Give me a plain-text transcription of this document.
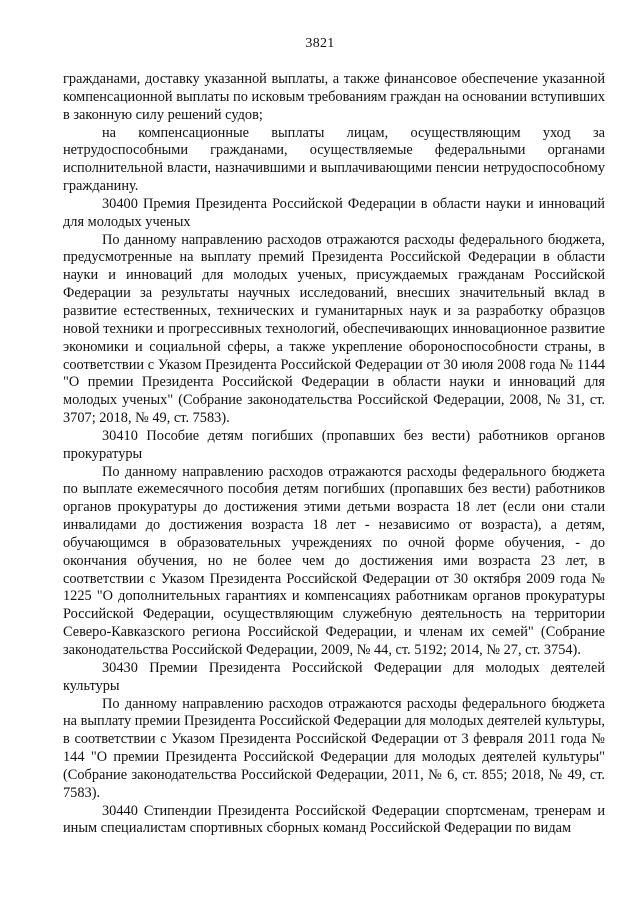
3821

гражданами, доставку указанной выплаты, а также финансовое обеспечение указанной компенсационной выплаты по исковым требованиям граждан на основании вступивших в законную силу решений судов;

на компенсационные выплаты лицам, осуществляющим уход за нетрудоспособными гражданами, осуществляемые федеральными органами исполнительной власти, назначившими и выплачивающими пенсии нетрудоспособному гражданину.

30400 Премия Президента Российской Федерации в области науки и инноваций для молодых ученых

По данному направлению расходов отражаются расходы федерального бюджета, предусмотренные на выплату премий Президента Российской Федерации в области науки и инноваций для молодых ученых, присуждаемых гражданам Российской Федерации за результаты научных исследований, внесших значительный вклад в развитие естественных, технических и гуманитарных наук и за разработку образцов новой техники и прогрессивных технологий, обеспечивающих инновационное развитие экономики и социальной сферы, а также укрепление обороноспособности страны, в соответствии с Указом Президента Российской Федерации от 30 июля 2008 года № 1144 "О премии Президента Российской Федерации в области науки и инноваций для молодых ученых" (Собрание законодательства Российской Федерации, 2008, № 31, ст. 3707; 2018, № 49, ст. 7583).

30410 Пособие детям погибших (пропавших без вести) работников органов прокуратуры

По данному направлению расходов отражаются расходы федерального бюджета по выплате ежемесячного пособия детям погибших (пропавших без вести) работников органов прокуратуры до достижения этими детьми возраста 18 лет (если они стали инвалидами до достижения возраста 18 лет - независимо от возраста), а детям, обучающимся в образовательных учреждениях по очной форме обучения, - до окончания обучения, но не более чем до достижения ими возраста 23 лет, в соответствии с Указом Президента Российской Федерации от 30 октября 2009 года № 1225 "О дополнительных гарантиях и компенсациях работникам органов прокуратуры Российской Федерации, осуществляющим служебную деятельность на территории Северо-Кавказского региона Российской Федерации, и членам их семей" (Собрание законодательства Российской Федерации, 2009, № 44, ст. 5192; 2014, № 27, ст. 3754).

30430 Премии Президента Российской Федерации для молодых деятелей культуры

По данному направлению расходов отражаются расходы федерального бюджета на выплату премии Президента Российской Федерации для молодых деятелей культуры, в соответствии с Указом Президента Российской Федерации от 3 февраля 2011 года № 144 "О премии Президента Российской Федерации для молодых деятелей культуры" (Собрание законодательства Российской Федерации, 2011, № 6, ст. 855; 2018, № 49, ст. 7583).

30440 Стипендии Президента Российской Федерации спортсменам, тренерам и иным специалистам спортивных сборных команд Российской Федерации по видам
